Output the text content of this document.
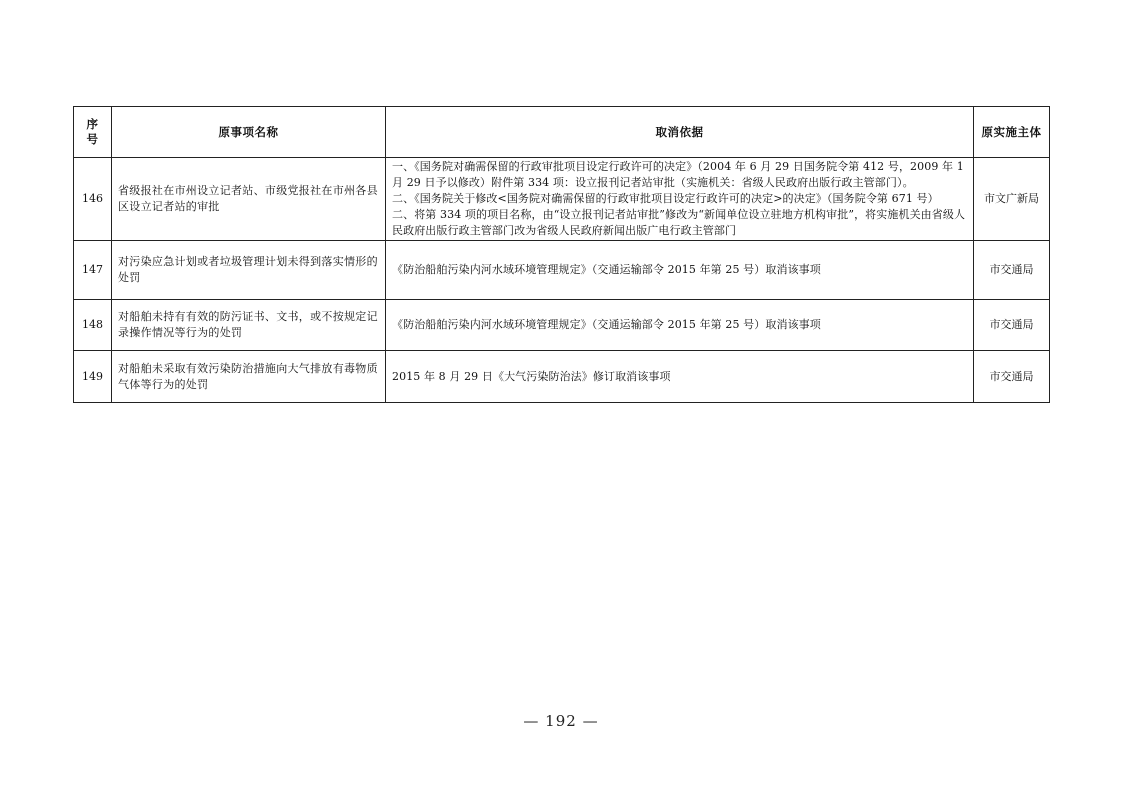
序
号	原事项名称	取消依据	原实施主体
146	省级报社在市州设立记者站、市级党报社在市州各县区设立记者站的审批	一、《国务院对确需保留的行政审批项目设定行政许可的决定》（2004 年 6 月 29 日国务院令第 412 号，2009 年 1 月 29 日予以修改）附件第 334 项：设立报刊记者站审批（实施机关：省级人民政府出版行政主管部门）。
二、《国务院关于修改<国务院对确需保留的行政审批项目设定行政许可的决定>的决定》（国务院令第 671 号）
二、将第 334 项的项目名称，由“设立报刊记者站审批”修改为“新闻单位设立驻地方机构审批”，将实施机关由省级人民政府出版行政主管部门改为省级人民政府新闻出版广电行政主管部门	市文广新局
147	对污染应急计划或者垃圾管理计划未得到落实情形的处罚	《防治船舶污染内河水域环境管理规定》（交通运输部令 2015 年第 25 号）取消该事项	市交通局
148	对船舶未持有有效的防污证书、文书，或不按规定记录操作情况等行为的处罚	《防治船舶污染内河水域环境管理规定》（交通运输部令 2015 年第 25 号）取消该事项	市交通局
149	对船舶未采取有效污染防治措施向大气排放有毒物质气体等行为的处罚	2015 年 8 月 29 日《大气污染防治法》修订取消该事项	市交通局
— 192 —
